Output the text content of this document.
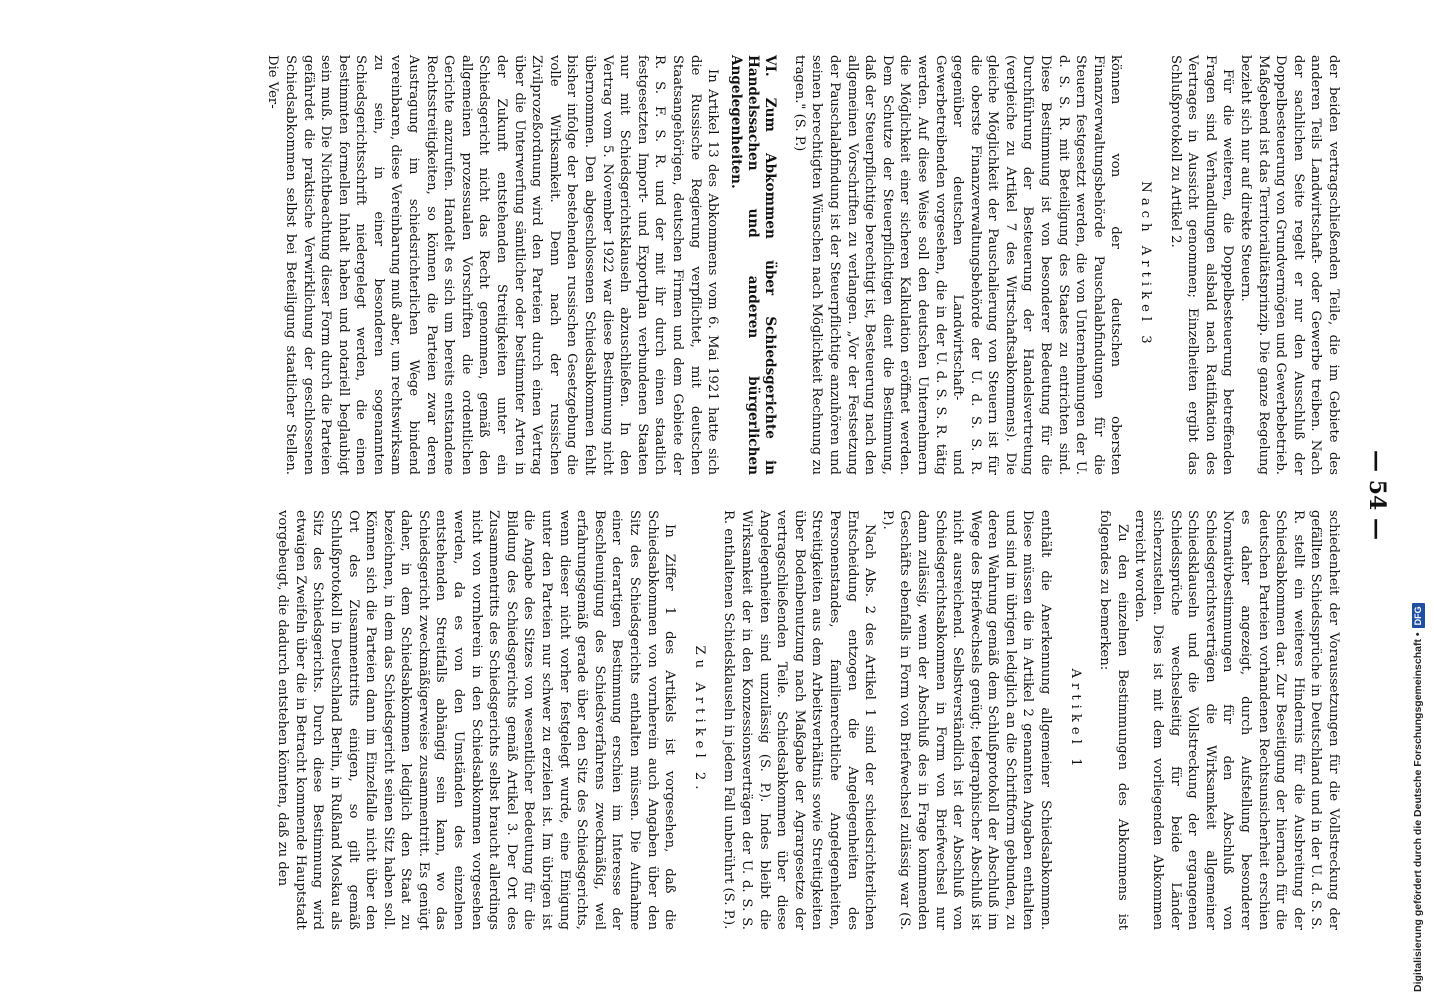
— 54 —

der beiden vertragschließenden Teile, die im Gebiete des anderen Teils Landwirtschaft- oder Gewerbe treiben. Nach der sachlichen Seite regelt er nur den Ausschluß der Doppelbesteuerung von Grundvermögen und Gewerbebetrieb. Maßgebend ist das Territorialitätsprinzip. Die ganze Regelung bezieht sich nur auf direkte Steuern.

Für die weiteren, die Doppelbesteuerung betreffenden Fragen sind Verhandlungen alsbald nach Ratifikation des Vertrages in Aussicht genommen; Einzelheiten ergibt das Schlußprotokoll zu Artikel 2.

Nach Artikel 3

können von der deutschen obersten Finanzverwaltungsbehörde Pauschalabfindungen für die Steuern festgesetzt werden, die von Unternehmungen der U. d. S. S. R. mit Beteiligung des Staates zu entrichten sind. Diese Bestimmung ist von besonderer Bedeutung für die Durchführung der Besteuerung der Handelsvertretung (vergleiche zu Artikel 7 des Wirtschaftsabkommens). Die gleiche Möglichkeit der Pauschalierung von Steuern ist für die oberste Finanzverwaltungsbehörde der U. d. S. S. R. gegenüber deutschen Landwirtschaft- und Gewerbetreibenden vorgesehen, die in der U. d. S. S. R. tätig werden. Auf diese Weise soll den deutschen Unternehmern die Möglichkeit einer sicheren Kalkulation eröffnet werden. Dem Schutze der Steuerpflichtigen dient die Bestimmung, daß der Steuerpflichtige berechtigt ist, Besteuerung nach den allgemeinen Vorschriften zu verlangen. „Vor der Festsetzung der Pauschalabfindung ist der Steuerpflichtige anzuhören und seinen berechtigten Wünschen nach Möglichkeit Rechnung zu tragen." (S. P.)

VI. Zum Abkommen über Schiedsgerichte in Handelssachen und anderen bürgerlichen Angelegenheiten.

In Artikel 13 des Abkommens vom 6. Mai 1921 hatte sich die Russische Regierung verpflichtet, mit deutschen Staatsangehörigen, deutschen Firmen und dem Gebiete der R. S. F. S. R. und der mit ihr durch einen staatlich festgesetzten Import- und Exportplan verbundenen Staaten nur mit Schiedsgerichtsklauseln abzuschließen. In den Vertrag vom 5. November 1922 war diese Bestimmung nicht übernommen. Den abgeschlossenen Schiedsabkommen fehlt bisher infolge der bestehenden russischen Gesetzgebung die volle Wirksamkeit. Denn nach der russischen Zivilprozeßordnung wird den Parteien durch einen Vertrag über die Unterwerfung sämtlicher oder bestimmter Arten in der Zukunft entstehenden Streitigkeiten unter ein Schiedsgericht nicht das Recht genommen, gemäß den allgemeinen prozessualen Vorschriften die ordentlichen Gerichte anzurufen. Handelt es sich um bereits entstandene Rechtsstreitigkeiten, so können die Parteien zwar deren Austragung im schiedsrichterlichen Wege bindend vereinbaren, diese Vereinbarung muß aber, um rechtswirksam zu sein, in einer besonderen sogenannten Schiedsgerichtsschrift niedergelegt werden, die einen bestimmten formellen Inhalt haben und notariell beglaubigt sein muß. Die Nichtbeachtung dieser Form durch die Parteien gefährdet die praktische Verwirklichung der geschlossenen Schiedsabkommen selbst bei Beteiligung staatlicher Stellen. Die Ver-

schiedenheit der Voraussetzungen für die Vollstreckung der gefällten Schiedssprüche in Deutschland und in der U. d. S. S. R. stellt ein weiteres Hindernis für die Ausbreitung der Schiedsabkommen dar. Zur Beseitigung der hiernach für die deutschen Parteien vorhandenen Rechtsunsicherheit erschien es daher angezeigt, durch Aufstellung besonderer Normativbestimmungen für den Abschluß von Schiedsgerichtsverträgen die Wirksamkeit allgemeiner Schiedsklauseln und die Vollstreckung der ergangenen Schiedssprüche wechselseitig für beide Länder sicherzustellen. Dies ist mit dem vorliegenden Abkommen erreicht worden.

Zu den einzelnen Bestimmungen des Abkommens ist folgendes zu bemerken:

Artikel 1

enthält die Anerkennung allgemeiner Schiedsabkommen. Diese müssen die in Artikel 2 genannten Angaben enthalten und sind im übrigen lediglich an die Schriftform gebunden, zu deren Wahrung gemäß dem Schlußprotokoll der Abschluß im Wege des Briefwechsels genügt; telegraphischer Abschluß ist nicht ausreichend. Selbstverständlich ist der Abschluß von Schiedsgerichtsabkommen in Form von Briefwechsel nur dann zulässig, wenn der Abschluß des in Frage kommenden Geschäfts ebenfalls in Form von Briefwechsel zulässig war (S. P.).

Nach Abs. 2 des Artikel 1 sind der schiedsrichterlichen Entscheidung entzogen die Angelegenheiten des Personenstandes, familienrechtliche Angelegenheiten, Streitigkeiten aus dem Arbeitsverhältnis sowie Streitigkeiten über Bodenbenutzung nach Maßgabe der Agrargesetze der vertragschließenden Teile. Schiedsabkommen über diese Angelegenheiten sind unzulässig (S. P.). Indes bleibt die Wirksamkeit der in den Konzessionsverträgen der U. d. S. S. R. enthaltenen Schiedsklauseln in jedem Fall unberührt (S. P.).

Zu Artikel 2.

In Ziffer 1 des Artikels ist vorgesehen, daß die Schiedsabkommen von vornherein auch Angaben über den Sitz des Schiedsgerichts enthalten müssen. Die Aufnahme einer derartigen Bestimmung erschien im Interesse der Beschleunigung des Schiedsverfahrens zweckmäßig, weil erfahrungsgemäß gerade über den Sitz des Schiedsgerichts, wenn dieser nicht vorher festgelegt wurde, eine Einigung unter den Parteien nur schwer zu erzielen ist. Im übrigen ist die Angabe des Sitzes von wesentlicher Bedeutung für die Bildung des Schiedsgerichts gemäß Artikel 3. Der Ort des Zusammentritts des Schiedsgerichts selbst braucht allerdings nicht von vornherein in den Schiedsabkommen vorgesehen werden, da es von den Umständen des einzelnen entstehenden Streitfalls abhängig sein kann, wo das Schiedsgericht zweckmäßigerweise zusammentritt. Es genügt daher, in dem Schiedsabkommen lediglich den Staat zu bezeichnen, in dem das Schiedsgericht seinen Sitz haben soll. Können sich die Parteien dann im Einzelfalle nicht über den Ort des Zusammentritts einigen, so gilt gemäß Schlußprotokoll in Deutschland Berlin, in Rußland Moskau als Sitz des Schiedsgerichts. Durch diese Bestimmung wird etwaigen Zweifeln über die in Betracht kommende Hauptstadt vorgebeugt, die dadurch entstehen könnten, daß zu den	Digitalisierung gefördert durch die Deutsche Forschungsgemeinschaft •
DFG
